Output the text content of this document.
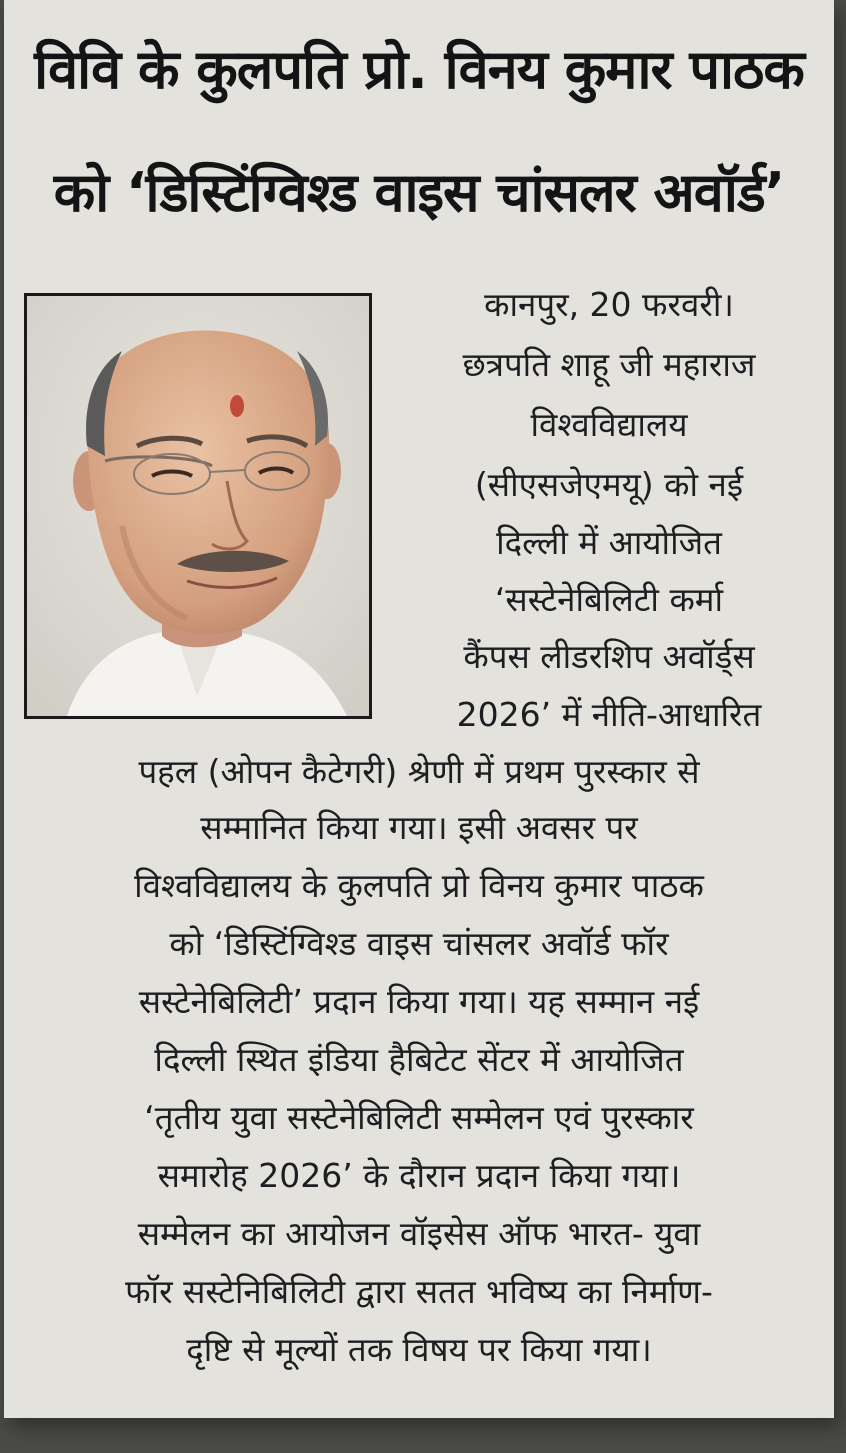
विवि के कुलपति प्रो. विनय कुमार पाठक
को ‘डिस्टिंग्विश्ड वाइस चांसलर अवॉर्ड’
कानपुर, 20 फरवरी।
छत्रपति शाहू जी महाराज
विश्वविद्यालय
(सीएसजेएमयू) को नई
दिल्ली में आयोजित
‘सस्टेनेबिलिटी कर्मा
कैंपस लीडरशिप अवॉर्ड्स
2026’ में नीति-आधारित
पहल (ओपन कैटेगरी) श्रेणी में प्रथम पुरस्कार से
सम्मानित किया गया। इसी अवसर पर
विश्वविद्यालय के कुलपति प्रो विनय कुमार पाठक
को ‘डिस्टिंग्विश्ड वाइस चांसलर अवॉर्ड फॉर
सस्टेनेबिलिटी’ प्रदान किया गया। यह सम्मान नई
दिल्ली स्थित इंडिया हैबिटेट सेंटर में आयोजित
‘तृतीय युवा सस्टेनेबिलिटी सम्मेलन एवं पुरस्कार
समारोह 2026’ के दौरान प्रदान किया गया।
सम्मेलन का आयोजन वॉइसेस ऑफ भारत- युवा
फॉर सस्टेनिबिलिटी द्वारा सतत भविष्य का निर्माण-
दृष्टि से मूल्यों तक विषय पर किया गया।
